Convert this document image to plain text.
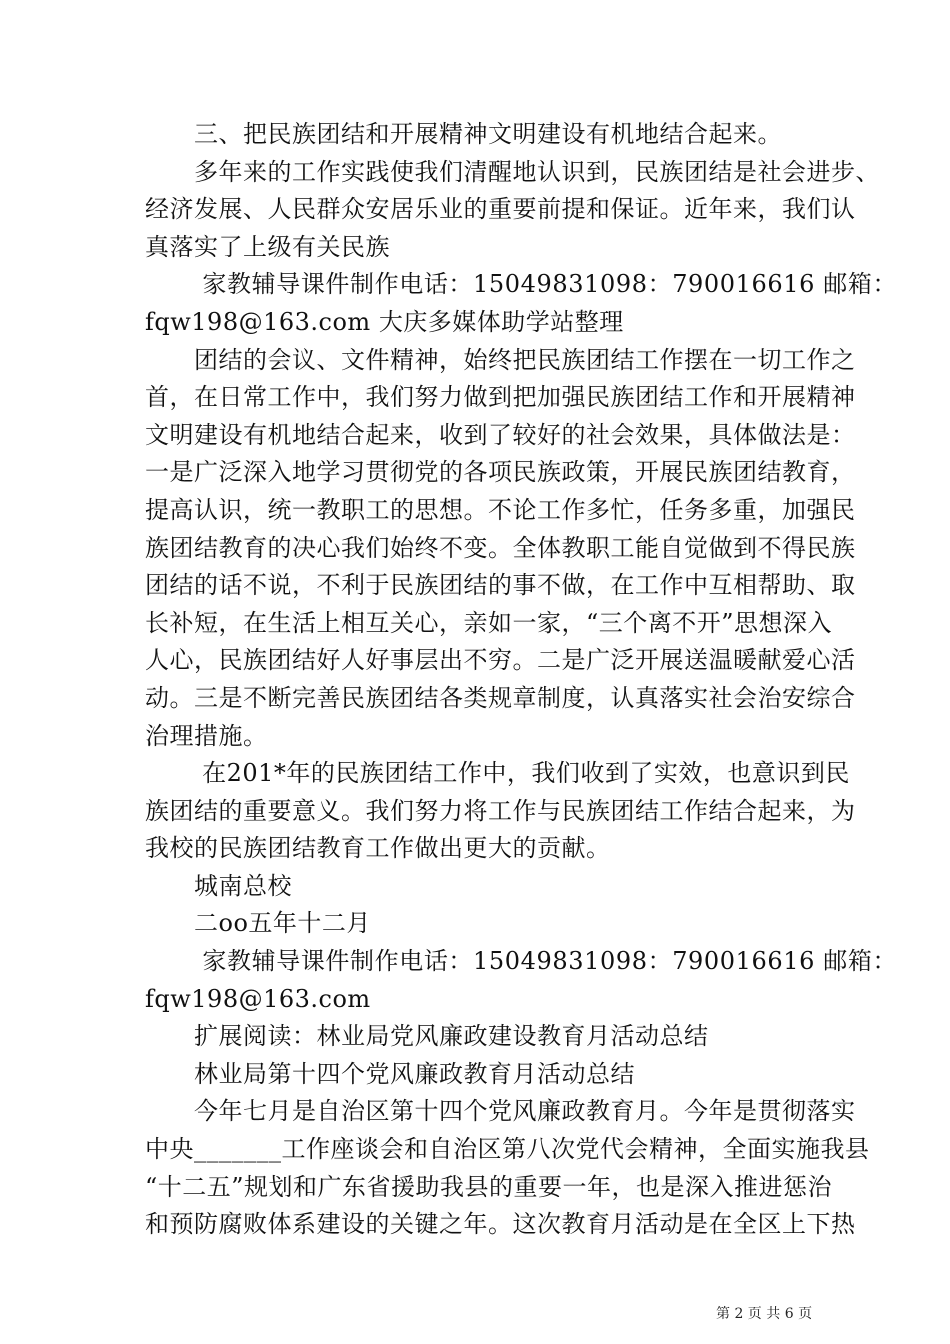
　　三、把民族团结和开展精神文明建设有机地结合起来。
　　多年来的工作实践使我们清醒地认识到，民族团结是社会进步、
经济发展、人民群众安居乐业的重要前提和保证。近年来，我们认
真落实了上级有关民族
　　 家教辅导课件制作电话：15049831098：790016616 邮箱：
fqw198@163.com 大庆多媒体助学站整理
　　团结的会议、文件精神，始终把民族团结工作摆在一切工作之
首，在日常工作中，我们努力做到把加强民族团结工作和开展精神
文明建设有机地结合起来，收到了较好的社会效果，具体做法是：
一是广泛深入地学习贯彻党的各项民族政策，开展民族团结教育，
提高认识，统一教职工的思想。不论工作多忙，任务多重，加强民
族团结教育的决心我们始终不变。全体教职工能自觉做到不得民族
团结的话不说，不利于民族团结的事不做，在工作中互相帮助、取
长补短，在生活上相互关心，亲如一家，“三个离不开”思想深入
人心，民族团结好人好事层出不穷。二是广泛开展送温暖献爱心活
动。三是不断完善民族团结各类规章制度，认真落实社会治安综合
治理措施。
　　 在201*年的民族团结工作中，我们收到了实效，也意识到民
族团结的重要意义。我们努力将工作与民族团结工作结合起来，为
我校的民族团结教育工作做出更大的贡献。
　　城南总校
　　二oo五年十二月
　　 家教辅导课件制作电话：15049831098：790016616 邮箱：
fqw198@163.com
　　扩展阅读：林业局党风廉政建设教育月活动总结
　　林业局第十四个党风廉政教育月活动总结
　　今年七月是自治区第十四个党风廉政教育月。今年是贯彻落实
中央_______工作座谈会和自治区第八次党代会精神，全面实施我县
“十二五”规划和广东省援助我县的重要一年，也是深入推进惩治
和预防腐败体系建设的关键之年。这次教育月活动是在全区上下热
第 2 页 共 6 页
